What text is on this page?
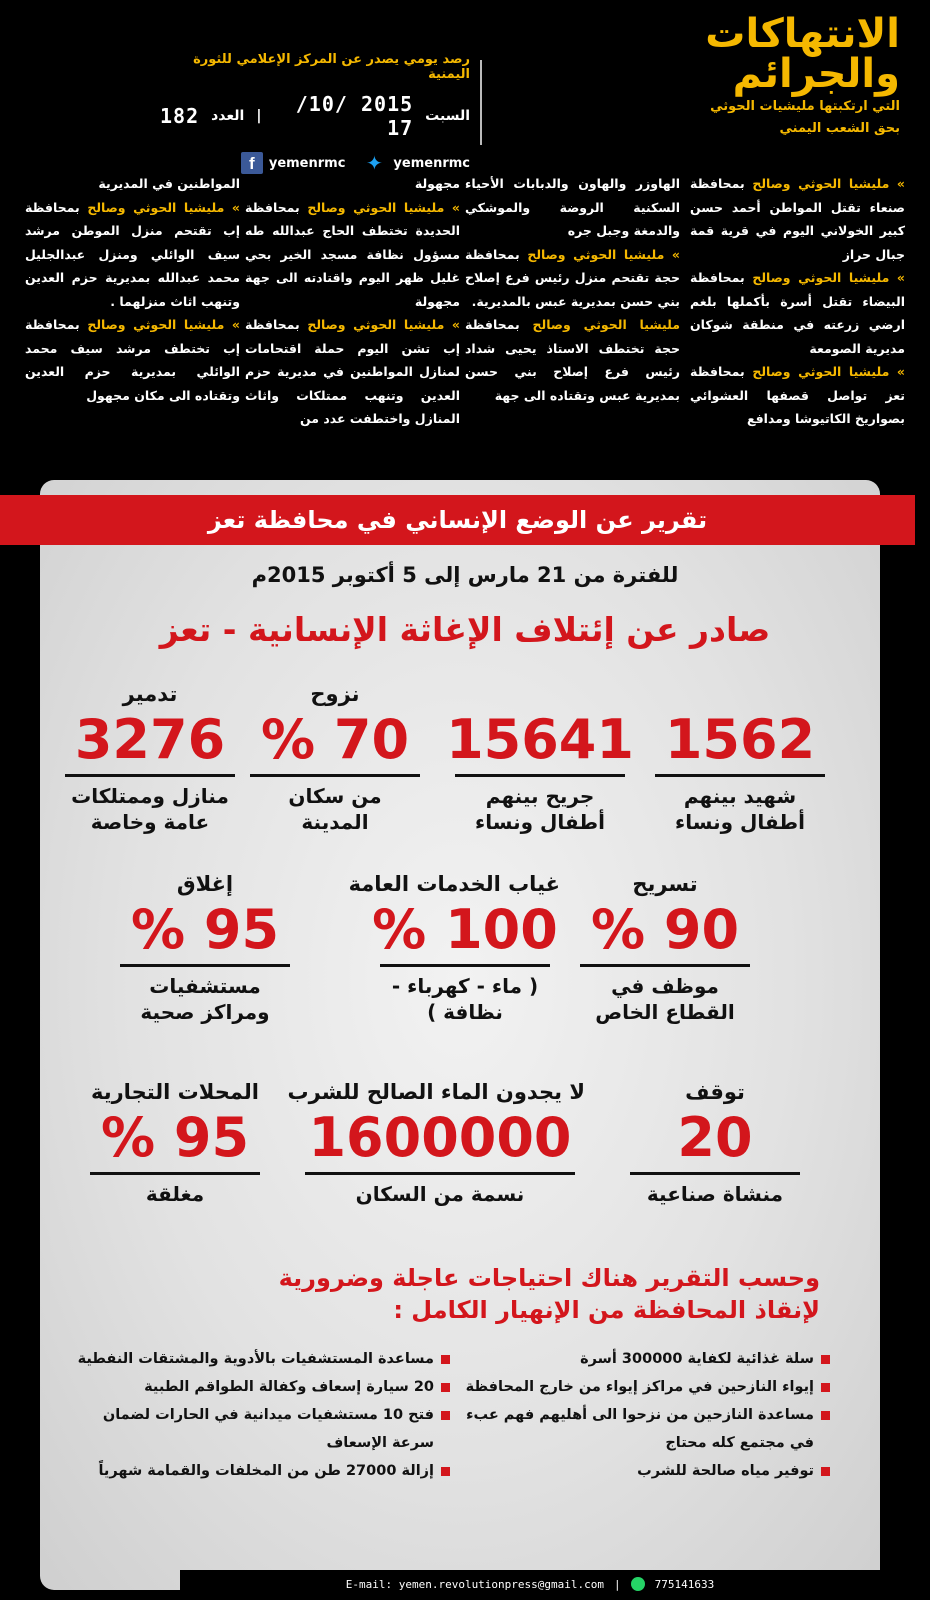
الانتهاكات
والجرائم
التي ارتكبتها مليشيات الحوثي
بحق الشعب اليمني
رصد يومي يصدر عن المركز الإعلامي للثورة اليمنية
السبت
2015 /10/ 17
|
العدد
182
f	yemenrmc ✦ yemenrmc

» مليشيا الحوثي وصالح بمحافظة صنعاء تقتل المواطن أحمد حسن كبير الخولاني اليوم في قرية قمة جبال حراز

» مليشيا الحوثي وصالح بمحافظة البيضاء تقتل أسرة بأكملها بلغم ارضي زرعته في منطقة شوكان مديرية الصومعة

» مليشيا الحوثي وصالح بمحافظة تعز تواصل قصفها العشوائي بصواريخ الكاتيوشا ومدافع

الهاوزر والهاون والدبابات الأحياء السكنية الروضة والموشكي والدمغة وجبل جره

» مليشيا الحوثي وصالح بمحافظة حجة تقتحم منزل رئيس فرع إصلاح بني حسن بمديرية عبس بالمديرية.

مليشيا الحوثي وصالح بمحافظة حجة تختطف الاستاذ يحيى شداد رئيس فرع إصلاح بني حسن بمديرية عبس وتقتاده الى جهة

مجهولة

» مليشيا الحوثي وصالح بمحافظة الحديدة تختطف الحاج عبدالله طه مسؤول نظافة مسجد الخير بحي غليل ظهر اليوم واقتادته الى جهة مجهولة

» مليشيا الحوثي وصالح بمحافظة إب تشن اليوم حملة اقتحامات لمنازل المواطنين في مديرية حزم العدين وتنهب ممتلكات واثاث المنازل واختطفت عدد من

المواطنين في المديرية

» مليشيا الحوثي وصالح بمحافظة إب تقتحم منزل الموطن مرشد سيف الوائلي ومنزل عبدالجليل محمد عبدالله بمديرية حزم العدين وتنهب اثاث منزلهما .

» مليشيا الحوثي وصالح بمحافظة إب تختطف مرشد سيف محمد الوائلي بمديرية حزم العدين وتقتاده الى مكان مجهول

تقرير عن الوضع الإنساني في محافظة تعز
للفترة من 21 مارس إلى 5 أكتوبر 2015م
صادر عن إئتلاف الإغاثة الإنسانية - تعز
1562
شهيد بينهم
أطفال ونساء
15641
جريح بينهم
أطفال ونساء
نزوح
70 %
من سكان
المدينة
تدمير
3276
منازل وممتلكات
عامة وخاصة
تسريح
90 %
موظف في
القطاع الخاص
غياب الخدمات العامة
100 %
( ماء - كهرباء -
نظافة )
إغلاق
95 %
مستشفيات
ومراكز صحية
توقف
20
منشاة صناعية
لا يجدون الماء الصالح للشرب
1600000
نسمة من السكان
المحلات التجارية
95 %
مغلقة
وحسب التقرير هناك احتياجات عاجلة وضرورية
لإنقاذ المحافظة من الإنهيار الكامل :
سلة غذائية لكفاية 300000 أسرة
إيواء النازحين في مراكز إيواء من خارج المحافظة
مساعدة النازحين من نزحوا الى أهليهم فهم عبء في مجتمع كله محتاج
توفير مياه صالحة للشرب
مساعدة المستشفيات بالأدوية والمشتقات النفطية
20 سيارة إسعاف وكفالة الطواقم الطبية
فتح 10 مستشفيات ميدانية في الحارات لضمان سرعة الإسعاف
إزالة 27000 طن من المخلفات والقمامة شهرياً
E-mail: yemen.revolutionpress@gmail.com |	775141633
